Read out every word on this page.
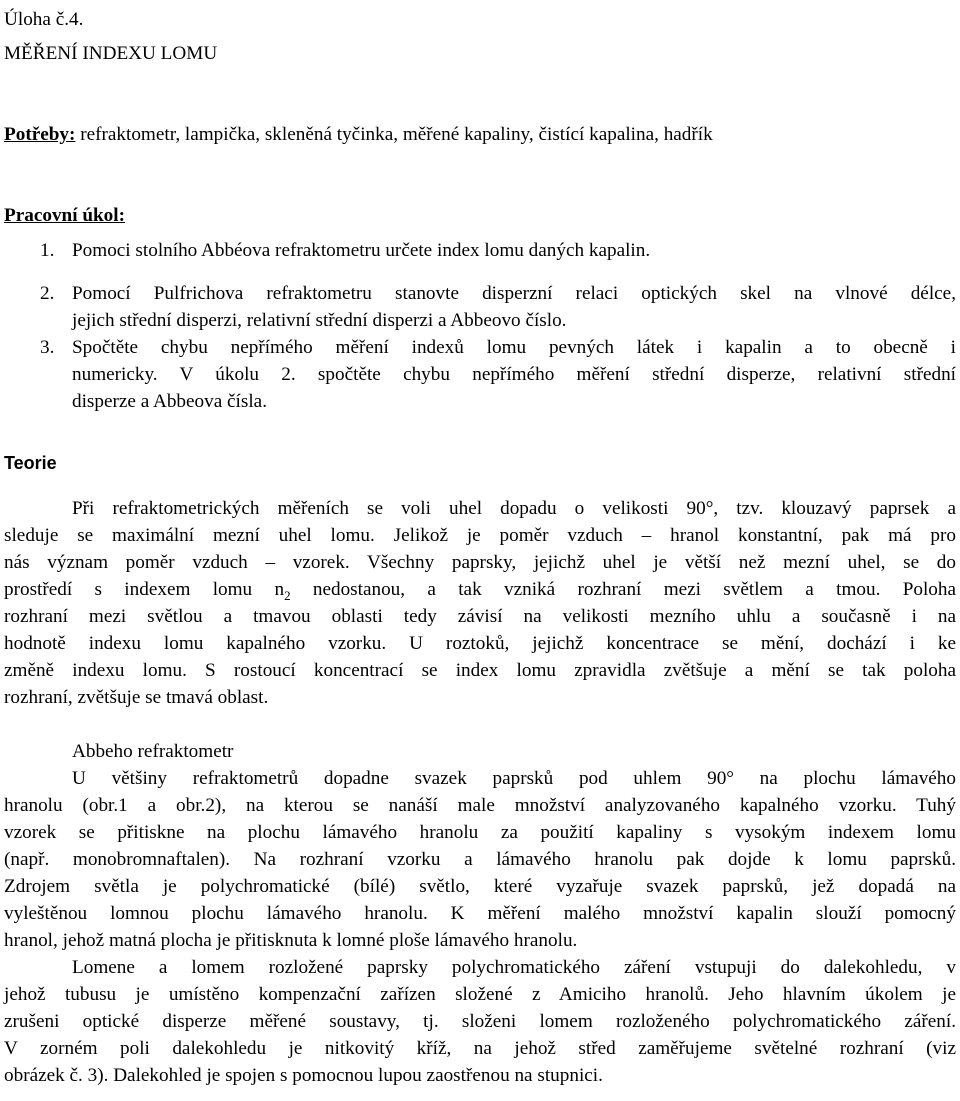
Úloha č.4.
MĚŘENÍ INDEXU LOMU
Potřeby: refraktometr, lampička, skleněná tyčinka, měřené kapaliny, čistící kapalina, hadřík
Pracovní úkol:
1. Pomoci stolního Abbéova refraktometru určete index lomu daných kapalin.
2. Pomocí Pulfrichova refraktometru stanovte disperzní relaci optických skel na vlnové délce,
jejich střední disperzi, relativní střední disperzi a Abbeovo číslo.
3. Spočtěte chybu nepřímého měření indexů lomu pevných látek i kapalin a to obecně i
numericky. V úkolu 2. spočtěte chybu nepřímého měření střední disperze, relativní střední
disperze a Abbeova čísla.
Teorie
Při refraktometrických měřeních se voli uhel dopadu o velikosti 90°, tzv. klouzavý paprsek a
sleduje se maximální mezní uhel lomu. Jelikož je poměr vzduch – hranol konstantní, pak má pro
nás význam poměr vzduch – vzorek. Všechny paprsky, jejichž uhel je větší než mezní uhel, se do
prostředí s indexem lomu $n_2$ nedostanou, a tak vzniká rozhraní mezi světlem a tmou. Poloha
rozhraní mezi světlou a tmavou oblasti tedy závisí na velikosti mezního uhlu a současně i na
hodnotě indexu lomu kapalného vzorku. U roztoků, jejichž koncentrace se mění, dochází i ke
změně indexu lomu. S rostoucí koncentrací se index lomu zpravidla zvětšuje a mění se tak poloha
rozhraní, zvětšuje se tmavá oblast.
Abbeho refraktometr
U většiny refraktometrů dopadne svazek paprsků pod uhlem 90° na plochu lámavého
hranolu (obr.1 a obr.2), na kterou se nanáší male množství analyzovaného kapalného vzorku. Tuhý
vzorek se přitiskne na plochu lámavého hranolu za použití kapaliny s vysokým indexem lomu
(např. monobromnaftalen). Na rozhraní vzorku a lámavého hranolu pak dojde k lomu paprsků.
Zdrojem světla je polychromatické (bílé) světlo, které vyzařuje svazek paprsků, jež dopadá na
vyleštěnou lomnou plochu lámavého hranolu. K měření malého množství kapalin slouží pomocný
hranol, jehož matná plocha je přitisknuta k lomné ploše lámavého hranolu.
Lomene a lomem rozložené paprsky polychromatického záření vstupuji do dalekohledu, v
jehož tubusu je umístěno kompenzační zařízen složené z Amiciho hranolů. Jeho hlavním úkolem je
zrušeni optické disperze měřené soustavy, tj. složeni lomem rozloženého polychromatického záření.
V zorném poli dalekohledu je nitkovitý kříž, na jehož střed zaměřujeme světelné rozhraní (viz
obrázek č. 3). Dalekohled je spojen s pomocnou lupou zaostřenou na stupnici.
